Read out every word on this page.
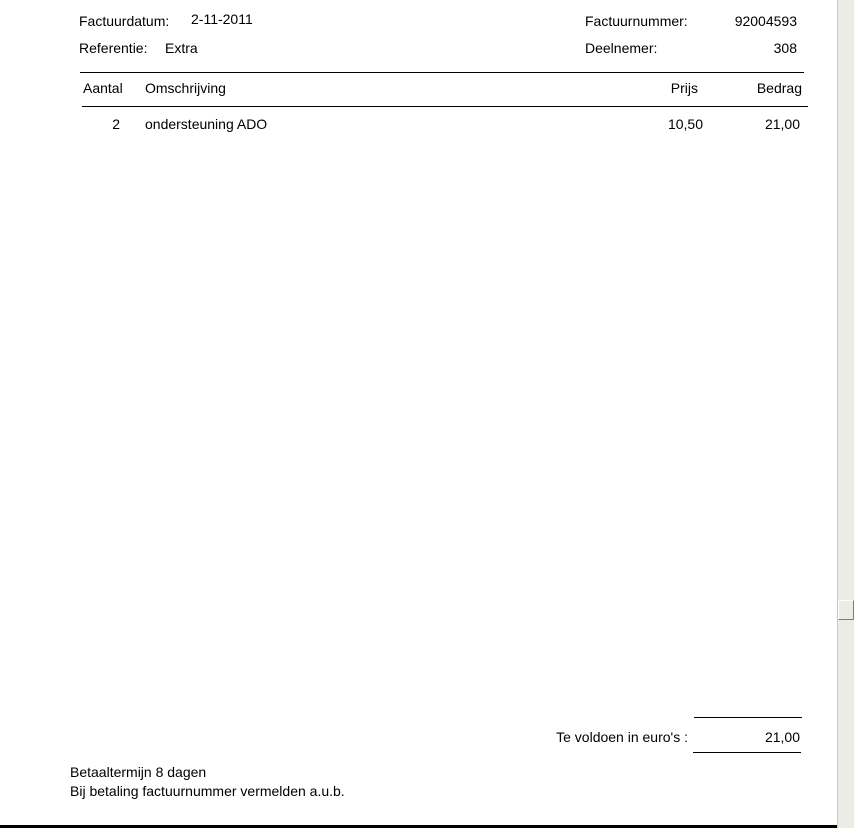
Factuurdatum: 2-11-2011
Referentie: Extra
Factuurnummer:	92004593
Deelnemer:	308
Aantal Omschrijving	Prijs	Bedrag
2 ondersteuning ADO	10,50	21,00
Te voldoen in euro's :	21,00
Betaaltermijn 8 dagen
Bij betaling factuurnummer vermelden a.u.b.
